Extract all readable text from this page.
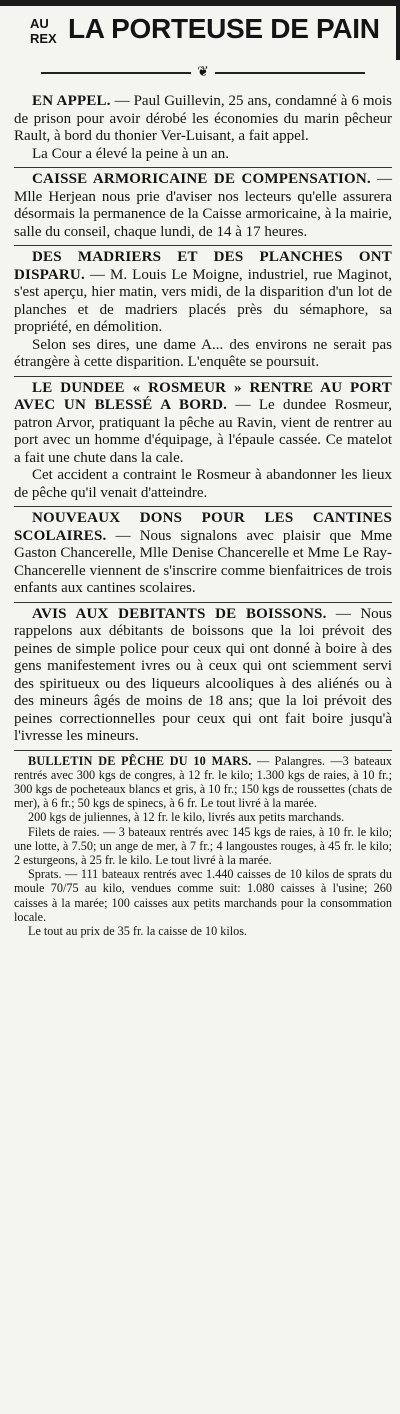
AU
REX LA PORTEUSE DE PAIN
❦

EN APPEL. — Paul Guillevin, 25 ans, condamné à 6 mois de prison pour avoir dérobé les économies du marin pêcheur Rault, à bord du thonier Ver-Luisant, a fait appel.

La Cour a élevé la peine à un an.

CAISSE ARMORICAINE DE COMPENSATION. — Mlle Herjean nous prie d'aviser nos lecteurs qu'elle assurera désormais la permanence de la Caisse armoricaine, à la mairie, salle du conseil, chaque lundi, de 14 à 17 heures.

DES MADRIERS ET DES PLANCHES ONT DISPARU. — M. Louis Le Moigne, industriel, rue Maginot, s'est aperçu, hier matin, vers midi, de la disparition d'un lot de planches et de madriers placés près du sémaphore, sa propriété, en démolition.

Selon ses dires, une dame A... des environs ne serait pas étrangère à cette disparition. L'enquête se poursuit.

LE DUNDEE « ROSMEUR » RENTRE AU PORT AVEC UN BLESSÉ A BORD. — Le dundee Rosmeur, patron Arvor, pratiquant la pêche au Ravin, vient de rentrer au port avec un homme d'équipage, à l'épaule cassée. Ce matelot a fait une chute dans la cale.

Cet accident a contraint le Rosmeur à abandonner les lieux de pêche qu'il venait d'atteindre.

NOUVEAUX DONS POUR LES CANTINES SCOLAIRES. — Nous signalons avec plaisir que Mme Gaston Chancerelle, Mlle Denise Chancerelle et Mme Le Ray-Chancerelle viennent de s'inscrire comme bienfaitrices de trois enfants aux cantines scolaires.

AVIS AUX DEBITANTS DE BOISSONS. — Nous rappelons aux débitants de boissons que la loi prévoit des peines de simple police pour ceux qui ont donné à boire à des gens manifestement ivres ou à ceux qui ont sciemment servi des spiritueux ou des liqueurs alcooliques à des aliénés ou à des mineurs âgés de moins de 18 ans; que la loi prévoit des peines correctionnelles pour ceux qui ont fait boire jusqu'à l'ivresse les mineurs.

BULLETIN DE PÊCHE DU 10 MARS. — Palangres. —3 bateaux rentrés avec 300 kgs de congres, à 12 fr. le kilo; 1.300 kgs de raies, à 10 fr.; 300 kgs de pocheteaux blancs et gris, à 10 fr.; 150 kgs de roussettes (chats de mer), à 6 fr.; 50 kgs de spinecs, à 6 fr. Le tout livré à la marée.

200 kgs de juliennes, à 12 fr. le kilo, livrés aux petits marchands.

Filets de raies. — 3 bateaux rentrés avec 145 kgs de raies, à 10 fr. le kilo; une lotte, à 7.50; un ange de mer, à 7 fr.; 4 langoustes rouges, à 45 fr. le kilo; 2 esturgeons, à 25 fr. le kilo. Le tout livré à la marée.

Sprats. — 111 bateaux rentrés avec 1.440 caisses de 10 kilos de sprats du moule 70/75 au kilo, vendues comme suit: 1.080 caisses à l'usine; 260 caisses à la marée; 100 caisses aux petits marchands pour la consommation locale.

Le tout au prix de 35 fr. la caisse de 10 kilos.
